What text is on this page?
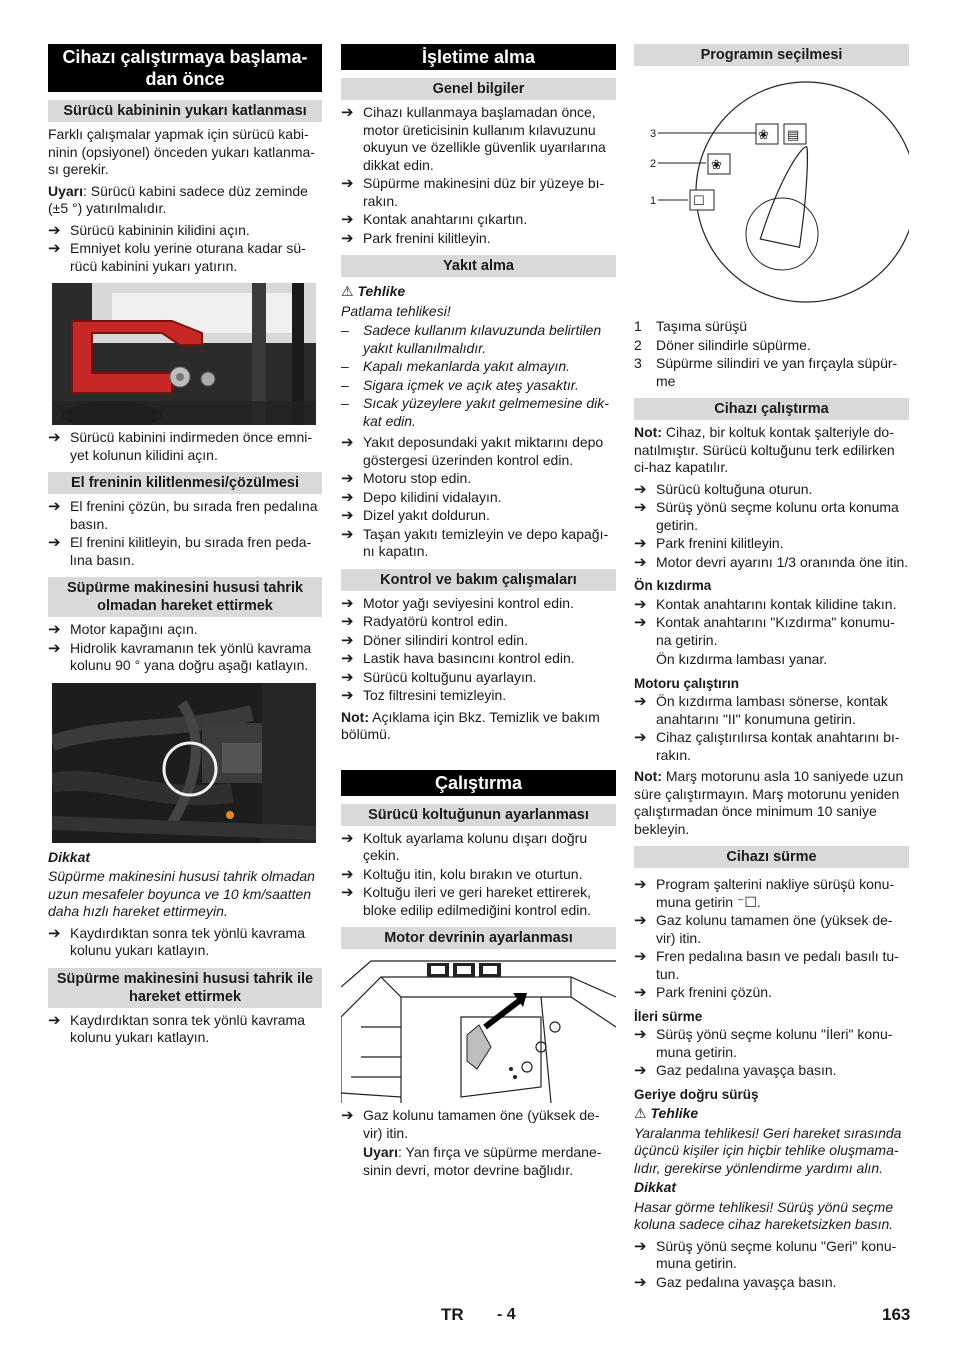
Cihazı çalıştırmaya başlama-dan önce
Sürücü kabininin yukarı katlanması

Farklı çalışmalar yapmak için sürücü kabi-ninin (opsiyonel) önceden yukarı katlanma-sı gerekir.

Uyarı: Sürücü kabini sadece düz zeminde (±5 °) yatırılmalıdır.

➔ Sürücü kabininin kilidini açın.
➔ Emniyet kolu yerine oturana kadar sü-rücü kabinini yukarı yatırın.
➔ Sürücü kabinini indirmeden önce emni-yet kolunun kilidini açın.
El freninin kilitlenmesi/çözülmesi
➔ El frenini çözün, bu sırada fren pedalına basın.
➔ El frenini kilitleyin, bu sırada fren peda-lına basın.
Süpürme makinesini hususi tahrik olmadan hareket ettirmek
➔ Motor kapağını açın.
➔ Hidrolik kavramanın tek yönlü kavrama kolunu 90 ° yana doğru aşağı katlayın.

Dikkat

Süpürme makinesini hususi tahrik olmadan uzun mesafeler boyunca ve 10 km/saatten daha hızlı hareket ettirmeyin.

➔ Kaydırdıktan sonra tek yönlü kavrama kolunu yukarı katlayın.
Süpürme makinesini hususi tahrik ile hareket ettirmek
➔ Kaydırdıktan sonra tek yönlü kavrama kolunu yukarı katlayın.
İşletime alma
Genel bilgiler
➔ Cihazı kullanmaya başlamadan önce, motor üreticisinin kullanım kılavuzunu okuyun ve özellikle güvenlik uyarılarına dikkat edin.
➔ Süpürme makinesini düz bir yüzeye bı-rakın.
➔ Kontak anahtarını çıkartın.
➔ Park frenini kilitleyin.
Yakıt alma

⚠ Tehlike

Patlama tehlikesi!

– Sadece kullanım kılavuzunda belirtilen yakıt kullanılmalıdır.
– Kapalı mekanlarda yakıt almayın.
– Sigara içmek ve açık ateş yasaktır.
– Sıcak yüzeylere yakıt gelmemesine dik-kat edin.
➔ Yakıt deposundaki yakıt miktarını depo göstergesi üzerinden kontrol edin.
➔ Motoru stop edin.
➔ Depo kilidini vidalayın.
➔ Dizel yakıt doldurun.
➔ Taşan yakıtı temizleyin ve depo kapağı-nı kapatın.
Kontrol ve bakım çalışmaları
➔ Motor yağı seviyesini kontrol edin.
➔ Radyatörü kontrol edin.
➔ Döner silindiri kontrol edin.
➔ Lastik hava basıncını kontrol edin.
➔ Sürücü koltuğunu ayarlayın.
➔ Toz filtresini temizleyin.

Not: Açıklama için Bkz. Temizlik ve bakım bölümü.

Çalıştırma
Sürücü koltuğunun ayarlanması
➔ Koltuk ayarlama kolunu dışarı doğru çekin.
➔ Koltuğu itin, kolu bırakın ve oturtun.
➔ Koltuğu ileri ve geri hareket ettirerek, bloke edilip edilmediğini kontrol edin.
Motor devrinin ayarlanması
➔ Gaz kolunu tamamen öne (yüksek de-vir) itin.

Uyarı: Yan fırça ve süpürme merdane-sinin devri, motor devrine bağlıdır.

Programın seçilmesi
3
2
1
❀ ▤
❀
☐
1 Taşıma sürüşü
2 Döner silindirle süpürme.
3 Süpürme silindiri ve yan fırçayla süpür-me
Cihazı çalıştırma

Not: Cihaz, bir koltuk kontak şalteriyle do-natılmıştır. Sürücü koltuğunu terk edilirken ci-haz kapatılır.

➔ Sürücü koltuğuna oturun.
➔ Sürüş yönü seçme kolunu orta konuma getirin.
➔ Park frenini kilitleyin.
➔ Motor devri ayarını 1/3 oranında öne itin.

Ön kızdırma

➔ Kontak anahtarını kontak kilidine takın.
➔ Kontak anahtarını "Kızdırma" konumu-na getirin.

Ön kızdırma lambası yanar.

Motoru çalıştırın

➔ Ön kızdırma lambası sönerse, kontak anahtarını "II" konumuna getirin.
➔ Cihaz çalıştırılırsa kontak anahtarını bı-rakın.

Not: Marş motorunu asla 10 saniyede uzun süre çalıştırmayın. Marş motorunu yeniden çalıştırmadan önce minimum 10 saniye bekleyin.

Cihazı sürme
➔ Program şalterini nakliye sürüşü konu-muna getirin ⁻☐.
➔ Gaz kolunu tamamen öne (yüksek de-vir) itin.
➔ Fren pedalına basın ve pedalı basılı tu-tun.
➔ Park frenini çözün.

İleri sürme

➔ Sürüş yönü seçme kolunu "İleri" konu-muna getirin.
➔ Gaz pedalına yavaşça basın.

Geriye doğru sürüş

⚠ Tehlike

Yaralanma tehlikesi! Geri hareket sırasında üçüncü kişiler için hiçbir tehlike oluşmama-lıdır, gerekirse yönlendirme yardımı alın.

Dikkat

Hasar görme tehlikesi! Sürüş yönü seçme koluna sadece cihaz hareketsizken basın.

➔ Sürüş yönü seçme kolunu "Geri" konu-muna getirin.
➔ Gaz pedalına yavaşça basın.
TR - 4	163
